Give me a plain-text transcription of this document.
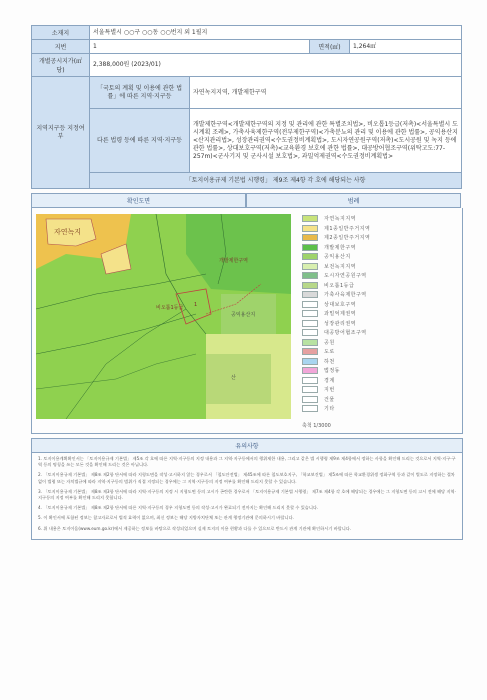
소재지	서울특별시 ○○구 ○○동 ○○번지 외 1필지			
지번	1		면적(㎡)	1,264㎡
개별공시지가(㎡당)	2,388,000원 (2023/01)			
지역지구등 지정여부	「국토의 계획 및 이용에 관한 법률」에 따른 지역·지구등	자연녹지지역, 개발제한구역		
	다른 법령 등에 따른 지역·지구등	개발제한구역<개발제한구역의 지정 및 관리에 관한 특별조치법>, 비오톱1등급(저촉)<서울특별시 도시계획 조례>, 가축사육제한구역(전부제한구역)<가축분뇨의 관리 및 이용에 관한 법률>, 공익용산지<산지관리법>, 성장관리권역<수도권정비계획법>, 도시자연공원구역(저촉)<도시공원 및 녹지 등에 관한 법률>, 상대보호구역(저촉)<교육환경 보호에 관한 법률>, 대공방어협조구역(위탁고도:77-257m)<군사기지 및 군사시설 보호법>, 과밀억제권역<수도권정비계획법>		
	「토지이용규제 기본법 시행령」 제9조 제4항 각 호에 해당되는 사항			
확인도면	범례
자연녹지
개발제한구역
비오톱1등급
공익용산지
산
1
자연녹지지역
제1종일반주거지역
제2종일반주거지역
개발제한구역
공익용산지
보전녹지지역
도시자연공원구역
비오톱1등급
가축사육제한구역
상대보호구역
과밀억제권역
성장관리권역
대공방어협조구역
공원
도로
하천
법정동
경계
지번
건물
기타
축척 1/3000
유의사항
1. 토지이용계획확인서는 「토지이용규제 기본법」 제5조 각 호에 따른 지역·지구등의 지정 내용과 그 지역·지구등에서의 행위제한 내용, 그리고 같은 법 시행령 제9조 제4항에서 정하는 사항을 확인해 드리는 것으로서 지역·지구·구역 등의 명칭을 쓰는 모든 것을 확인해 드리는 것은 아닙니다.
2. 「토지이용규제 기본법」 제8조 제2항 단서에 따라 지형도면을 작성·고시하지 않는 경우로서 「철도안전법」 제45조에 따른 철도보호지구, 「학교보건법」 제5조에 따른 학교환경위생 정화구역 등과 같이 별도로 지정하는 절차 없이 법령 또는 자치법규에 따라 지역·지구등의 범위가 직접 지정되는 경우에는 그 지역·지구등의 지정 여부를 확인해 드리지 못할 수 있습니다.
3. 「토지이용규제 기본법」 제8조 제3항 단서에 따라 지역·지구등의 지정 시 지형도면 등의 고시가 곤란한 경우로서 「토지이용규제 기본법 시행령」 제7조 제4항 각 호에 해당되는 경우에는 그 지형도면 등의 고시 전에 해당 지역·지구등의 지정 여부를 확인해 드리지 못합니다.
4. 「토지이용규제 기본법」 제8조 제2항 단서에 따른 지역·지구등의 경우 지형도면 등의 작성·고시가 완료되기 전까지는 확인해 드리지 못할 수 있습니다.
5. 이 확인서에 포함된 정보는 참고자료로서 법적 효력이 없으며, 최신 정보는 해당 지방자치단체 또는 관계 행정기관에 문의하시기 바랍니다.
6. 위 내용은 토지이음(www.eum.go.kr)에서 제공하는 정보를 바탕으로 작성되었으며 실제 토지의 이용 현황과 다를 수 있으므로 반드시 관계 기관에 확인하시기 바랍니다.
